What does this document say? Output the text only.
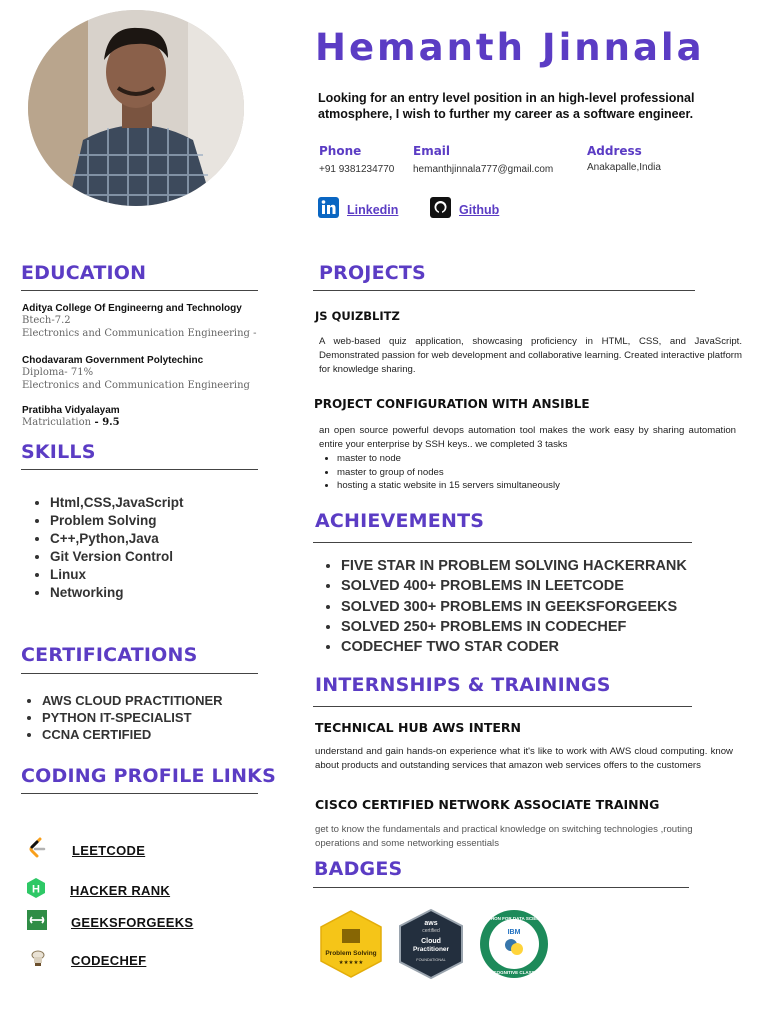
Hemanth Jinnala
Looking for an entry level position in an high-level professional atmosphere, I wish to further my career as a software engineer.
Phone
+91 9381234770
Email
hemanthjinnala777@gmail.com
Address
Anakapalle,India
Linkedin	Github
EDUCATION
Aditya College Of Engineerng and Technology
Btech-7.2
Electronics and Communication Engineering -
Chodavaram Government Polytechinc
Diploma- 71%
Electronics and Communication Engineering
Pratibha Vidyalayam
Matriculation - 9.5
SKILLS
• Html,CSS,JavaScript
• Problem Solving
• C++,Python,Java
• Git Version Control
• Linux
• Networking
CERTIFICATIONS
• AWS CLOUD PRACTITIONER
• PYTHON IT-SPECIALIST
• CCNA CERTIFIED
CODING PROFILE LINKS
LEETCODE
H HACKER RANK
GEEKSFORGEEKS
CODECHEF
PROJECTS
JS QUIZBLITZ
A web-based quiz application, showcasing proficiency in HTML, CSS, and JavaScript. Demonstrated passion for web development and collaborative learning. Created interactive platform for knowledge sharing.
PROJECT CONFIGURATION WITH ANSIBLE
an open source powerful devops automation tool makes the work easy by sharing automation entire your enterprise by SSH keys.. we completed 3 tasks
• master to node
• master to group of nodes
• hosting a static website in 15 servers simultaneously
ACHIEVEMENTS
• FIVE STAR IN PROBLEM SOLVING HACKERRANK
• SOLVED 400+ PROBLEMS IN LEETCODE
• SOLVED 300+ PROBLEMS IN GEEKSFORGEEKS
• SOLVED 250+ PROBLEMS IN CODECHEF
• CODECHEF TWO STAR CODER
INTERNSHIPS & TRAININGS
TECHNICAL HUB AWS INTERN
understand and gain hands-on experience what it's like to work with AWS cloud computing. know about products and outstanding services that amazon web services offers to the customers
CISCO CERTIFIED NETWORK ASSOCIATE TRAINNG
get to know the fundamentals and practical knowledge on switching technologies ,routing operations and some networking essentials
BADGES
Problem Solving
★★★★★
aws
certified
Cloud
Practitioner
FOUNDATIONAL
PYTHON FOR DATA SCIENCE
IBM
COGNITIVE CLASS
